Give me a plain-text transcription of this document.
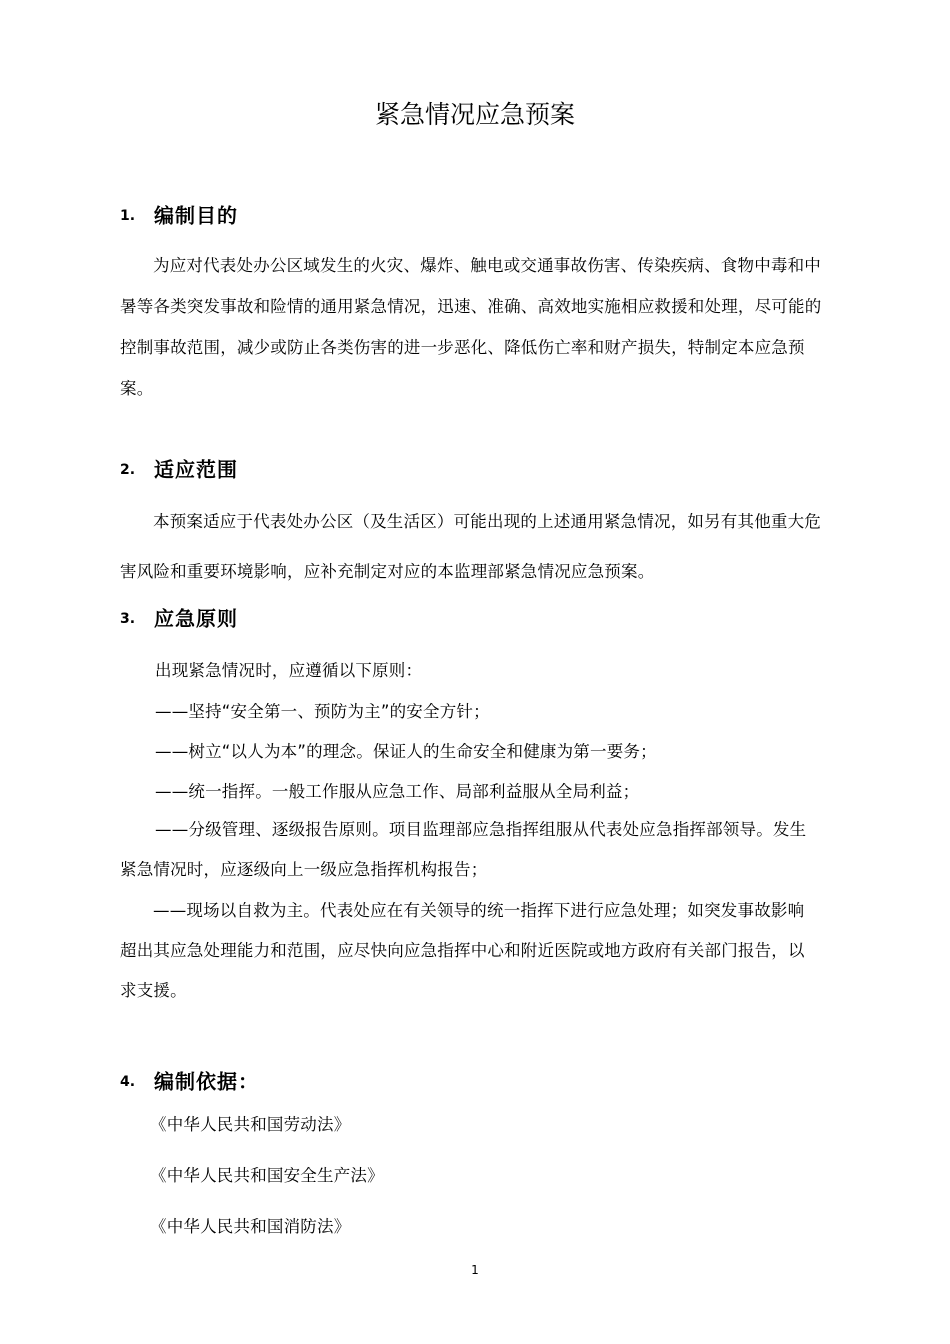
紧急情况应急预案
1. 编制目的

为应对代表处办公区域发生的火灾、爆炸、触电或交通事故伤害、传染疾病、食物中毒和中暑等各类突发事故和险情的通用紧急情况，迅速、准确、高效地实施相应救援和处理，尽可能的控制事故范围，减少或防止各类伤害的进一步恶化、降低伤亡率和财产损失，特制定本应急预案。

2. 适应范围

本预案适应于代表处办公区（及生活区）可能出现的上述通用紧急情况，如另有其他重大危害风险和重要环境影响，应补充制定对应的本监理部紧急情况应急预案。

3. 应急原则
出现紧急情况时，应遵循以下原则：
——坚持“安全第一、预防为主”的安全方针；
——树立“以人为本”的理念。保证人的生命安全和健康为第一要务；
——统一指挥。一般工作服从应急工作、局部利益服从全局利益；

——分级管理、逐级报告原则。项目监理部应急指挥组服从代表处应急指挥部领导。发生紧急情况时，应逐级向上一级应急指挥机构报告；

——现场以自救为主。代表处应在有关领导的统一指挥下进行应急处理；如突发事故影响超出其应急处理能力和范围，应尽快向应急指挥中心和附近医院或地方政府有关部门报告，以求支援。

4. 编制依据：
《中华人民共和国劳动法》
《中华人民共和国安全生产法》
《中华人民共和国消防法》
1
